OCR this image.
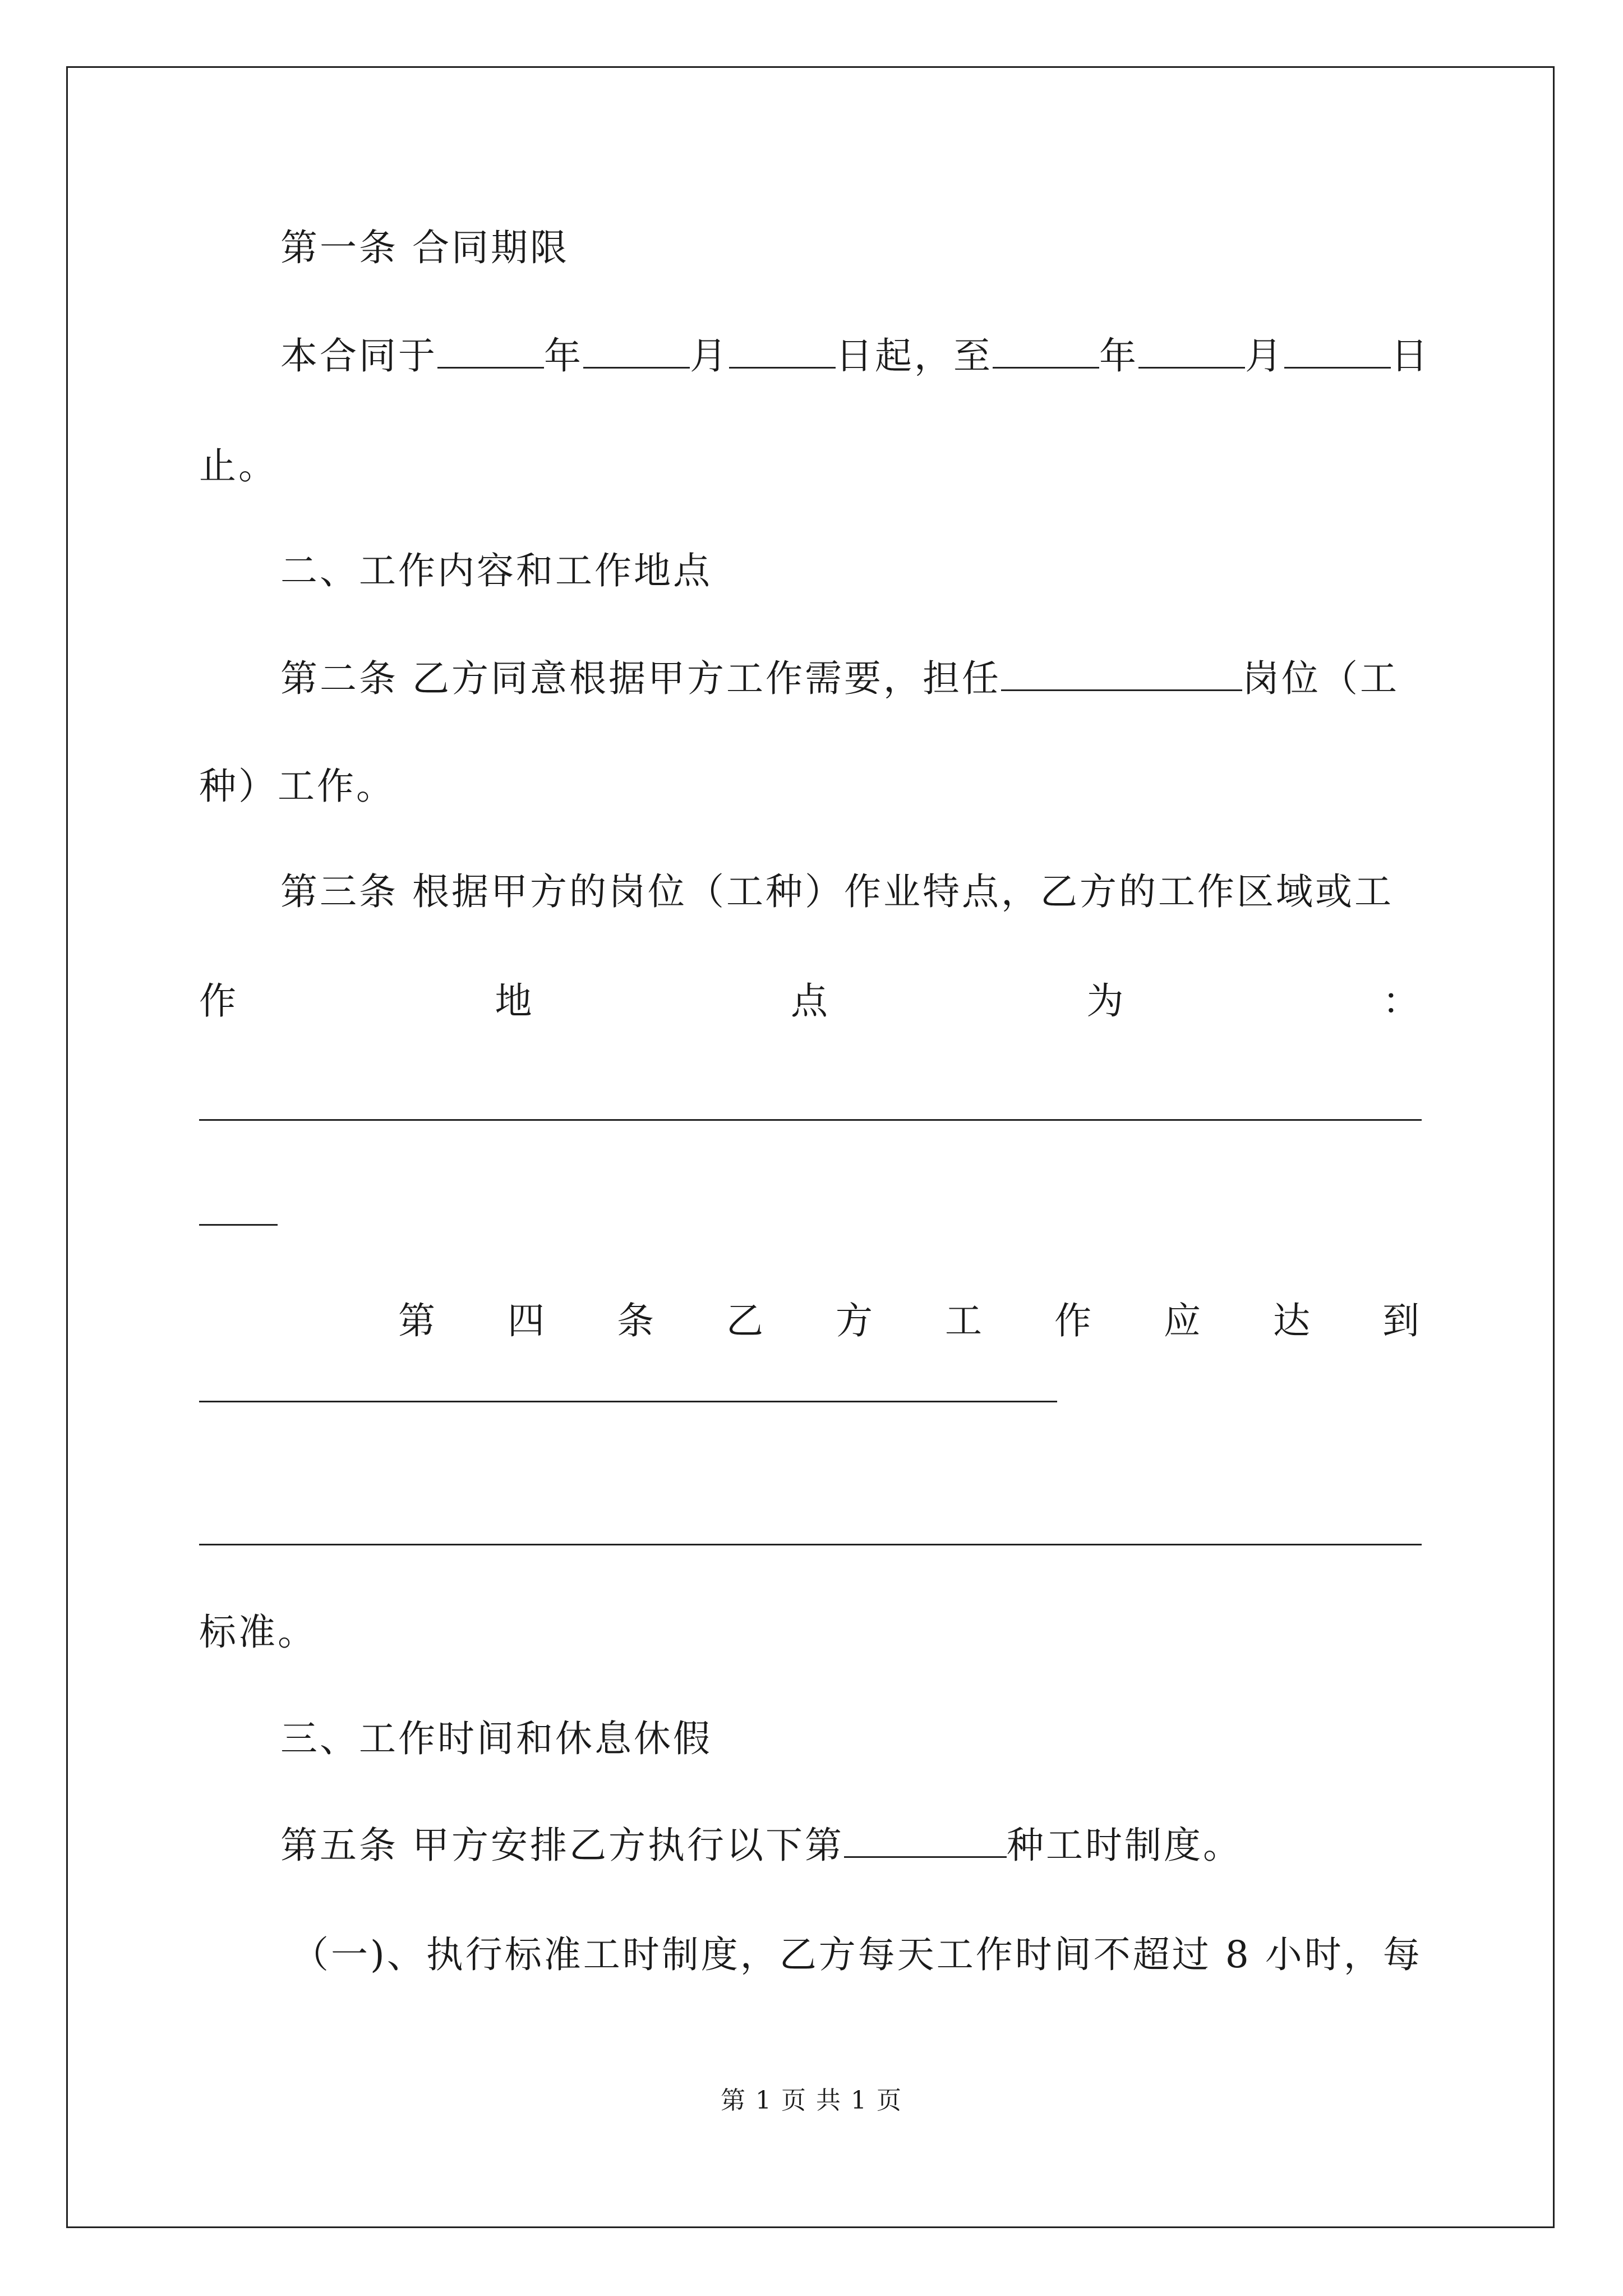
第一条 合同期限
本合同于	年	月	日起，至	年	月	日
止。
二、工作内容和工作地点
第二条 乙方同意根据甲方工作需要，担任	岗位（工
种）工作。
第三条 根据甲方的岗位（工种）作业特点，乙方的工作区域或工
作	地	点	为	：
第 四 条 乙 方 工 作 应 达 到
标准。
三、工作时间和休息休假
第五条 甲方安排乙方执行以下第	种工时制度。
（一)、执行标准工时制度，乙方每天工作时间不超过 8 小时，每
第 1 页 共 1 页
